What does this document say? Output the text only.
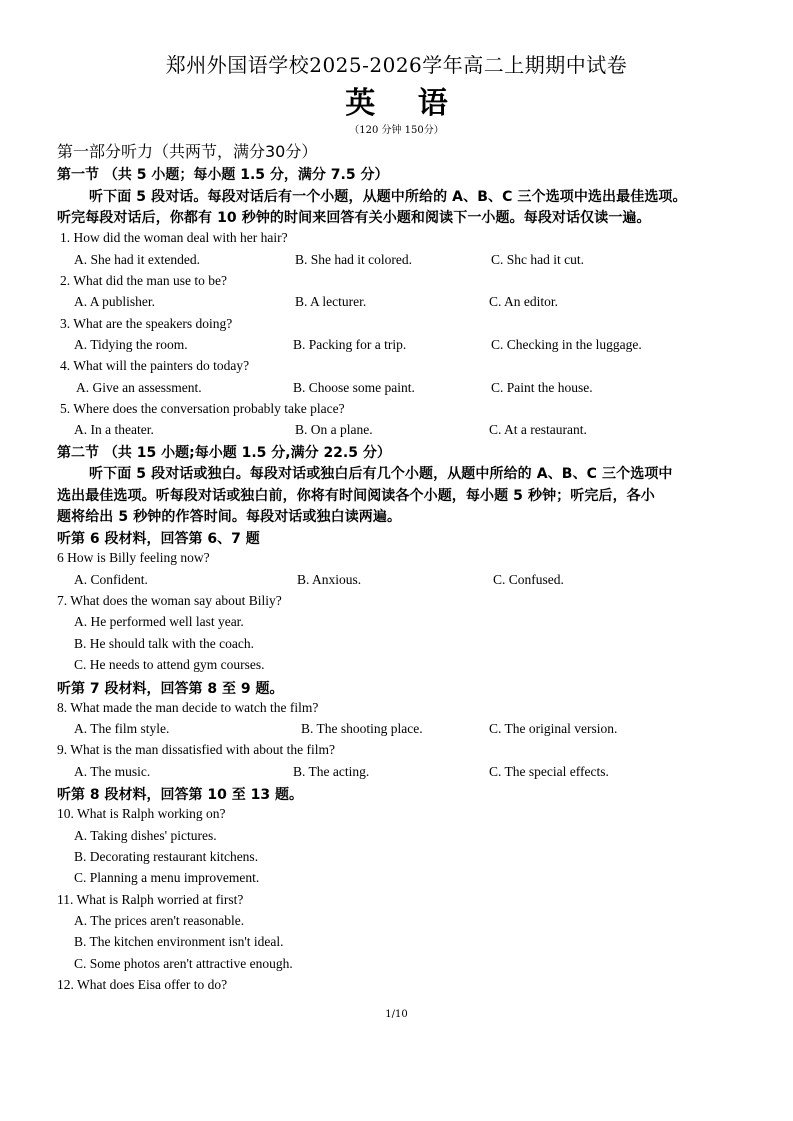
郑州外国语学校2025-2026学年高二上期期中试卷
英 语
（120 分钟 150分）
第一部分听力（共两节，满分30分）
第一节 （共 5 小题；每小题 1.5 分，满分 7.5 分）
听下面 5 段对话。每段对话后有一个小题，从题中所给的 A、B、C 三个选项中选出最佳选项。
听完每段对话后，你都有 10 秒钟的时间来回答有关小题和阅读下一小题。每段对话仅读一遍。
1. How did the woman deal with her hair?
A. She had it extended.	B. She had it colored.	C. Shc had it cut.
2. What did the man use to be?
A. A publisher.	B. A lecturer.	C. An editor.
3. What are the speakers doing?
A. Tidying the room.	B. Packing for a trip.	C. Checking in the luggage.
4. What will the painters do today?
A. Give an assessment.	B. Choose some paint.	C. Paint the house.
5. Where does the conversation probably take place?
A. In a theater.	B. On a plane.	C. At a restaurant.
第二节 （共 15 小题;每小题 1.5 分,满分 22.5 分）
听下面 5 段对话或独白。每段对话或独白后有几个小题，从题中所给的 A、B、C 三个选项中
选出最佳选项。听每段对话或独白前，你将有时间阅读各个小题，每小题 5 秒钟；听完后，各小
题将给出 5 秒钟的作答时间。每段对话或独白读两遍。
听第 6 段材料，回答第 6、7 题
6 How is Billy feeling now?
A. Confident.	B. Anxious.	C. Confused.
7. What does the woman say about Biliy?
A. He performed well last year.
B. He should talk with the coach.
C. He needs to attend gym courses.
听第 7 段材料，回答第 8 至 9 题。
8. What made the man decide to watch the film?
A. The film style.	B. The shooting place.	C. The original version.
9. What is the man dissatisfied with about the film?
A. The music.	B. The acting.	C. The special effects.
听第 8 段材料，回答第 10 至 13 题。
10. What is Ralph working on?
A. Taking dishes' pictures.
B. Decorating restaurant kitchens.
C. Planning a menu improvement.
11. What is Ralph worried at first?
A. The prices aren't reasonable.
B. The kitchen environment isn't ideal.
C. Some photos aren't attractive enough.
12. What does Eisa offer to do?
1/10
